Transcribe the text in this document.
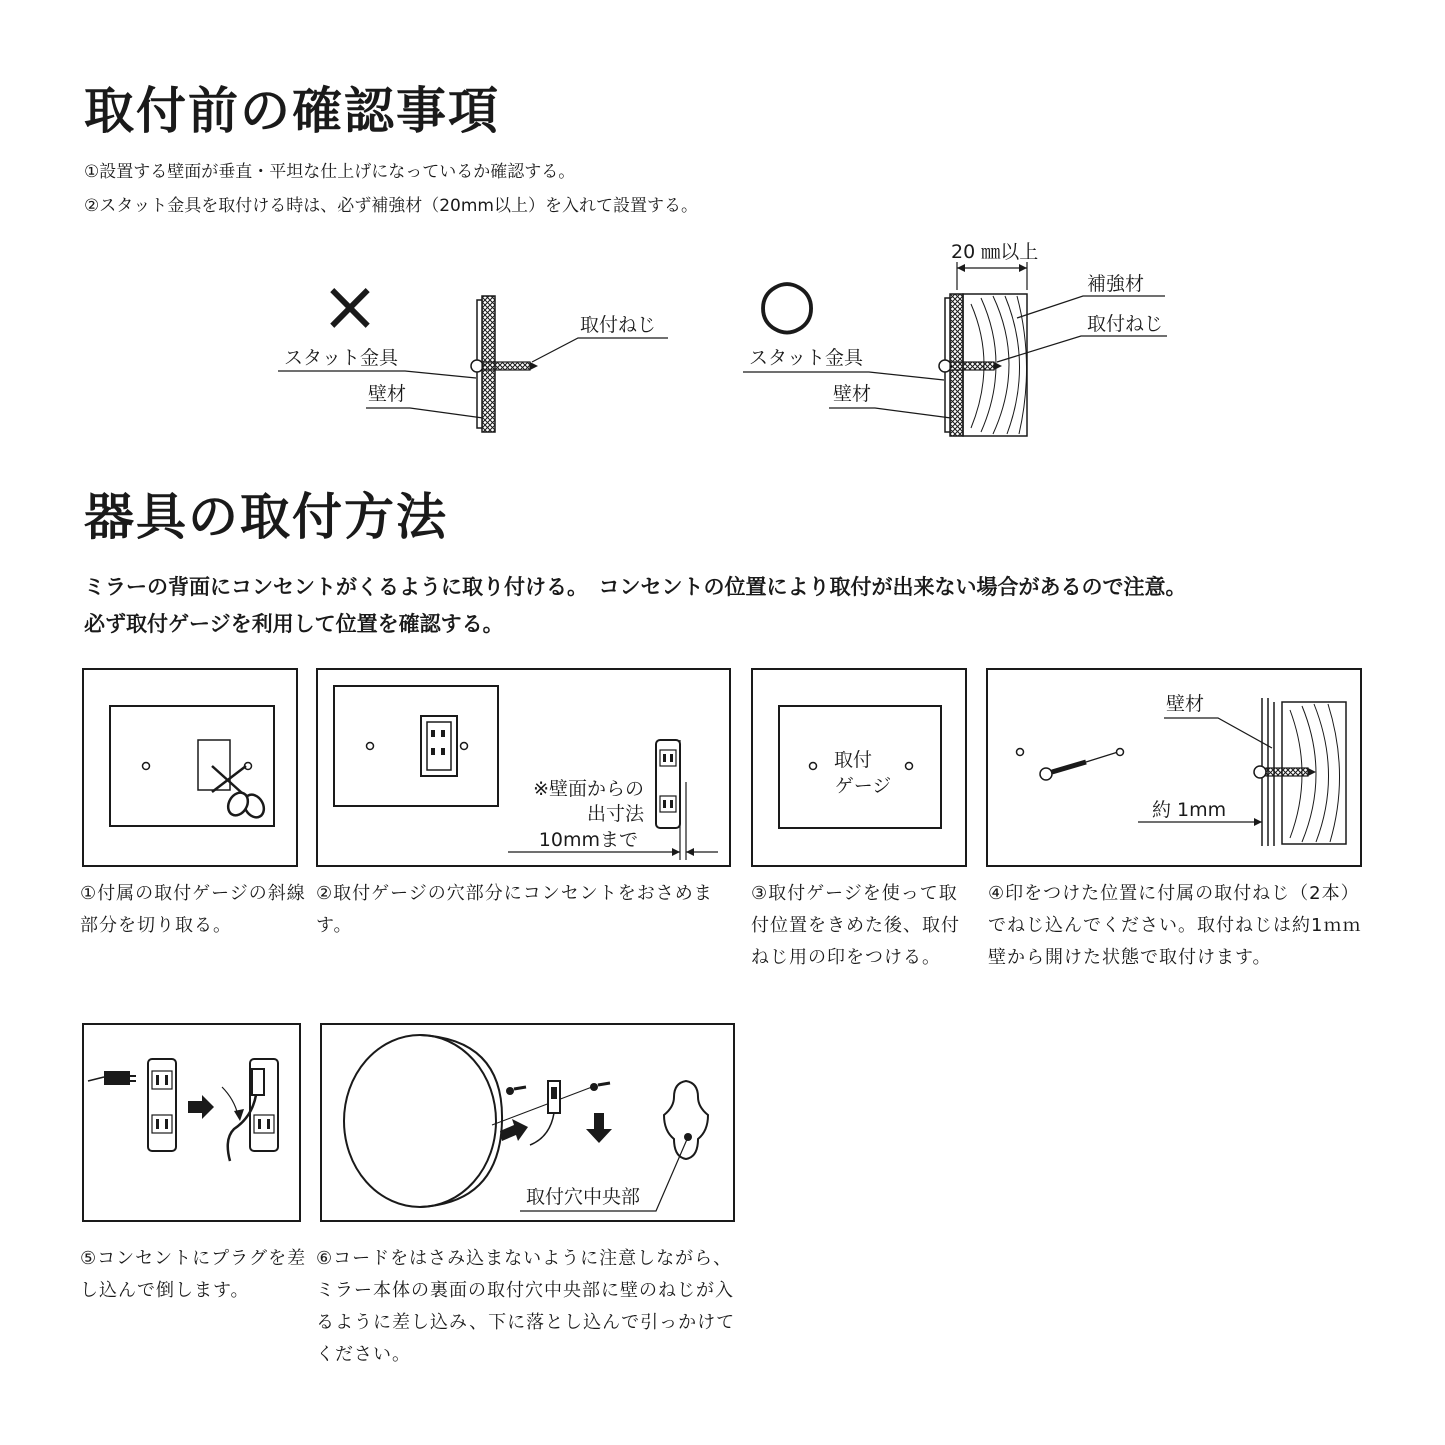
取付前の確認事項
①設置する壁面が垂直・平坦な仕上げになっているか確認する。
②スタット金具を取付ける時は、必ず補強材（20mm以上）を入れて設置する。
×	取付ねじ
スタット金具
壁材
○
20 ㎜以上
補強材
取付ねじ
スタット金具
壁材
器具の取付方法
ミラーの背面にコンセントがくるように取り付ける。　コンセントの位置により取付が出来ない場合があるので注意。
必ず取付ゲージを利用して位置を確認する。
①付属の取付ゲージの斜線部分を切り取る。
※壁面からの
出寸法
10mmまで
②取付ゲージの穴部分にコンセントをおさめます。
取付
ゲージ
③取付ゲージを使って取付位置をきめた後、取付ねじ用の印をつける。
壁材
約 1mm
④印をつけた位置に付属の取付ねじ（2本）でねじ込んでください。取付ねじは約1ｍｍ壁から開けた状態で取付けます。
⑤コンセントにプラグを差し込んで倒します。
取付穴中央部
⑥コードをはさみ込まないように注意しながら、ミラー本体の裏面の取付穴中央部に壁のねじが入るように差し込み、下に落とし込んで引っかけてください。
